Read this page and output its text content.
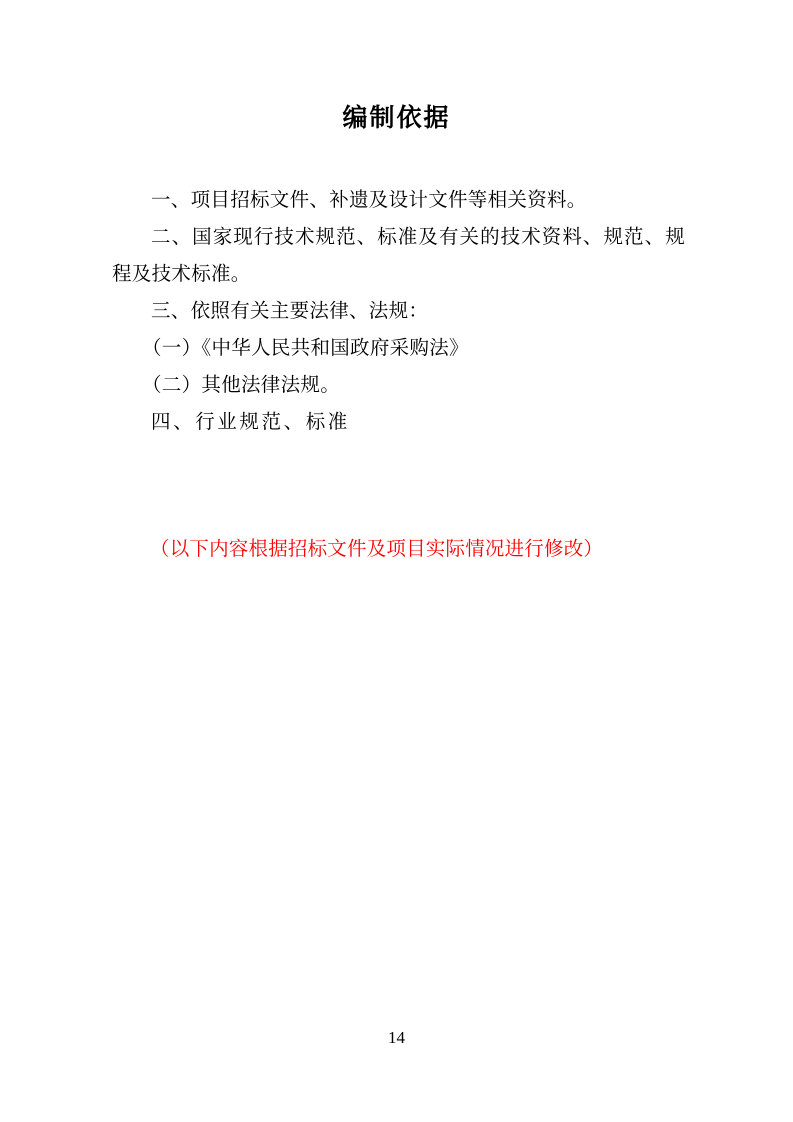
编制依据

一、项目招标文件、补遗及设计文件等相关资料。

二、国家现行技术规范、标准及有关的技术资料、规范、规程及技术标准。

三、依照有关主要法律、法规：

（一）《中华人民共和国政府采购法》

（二）其他法律法规。

四、行业规范、标准

（以下内容根据招标文件及项目实际情况进行修改）

14
